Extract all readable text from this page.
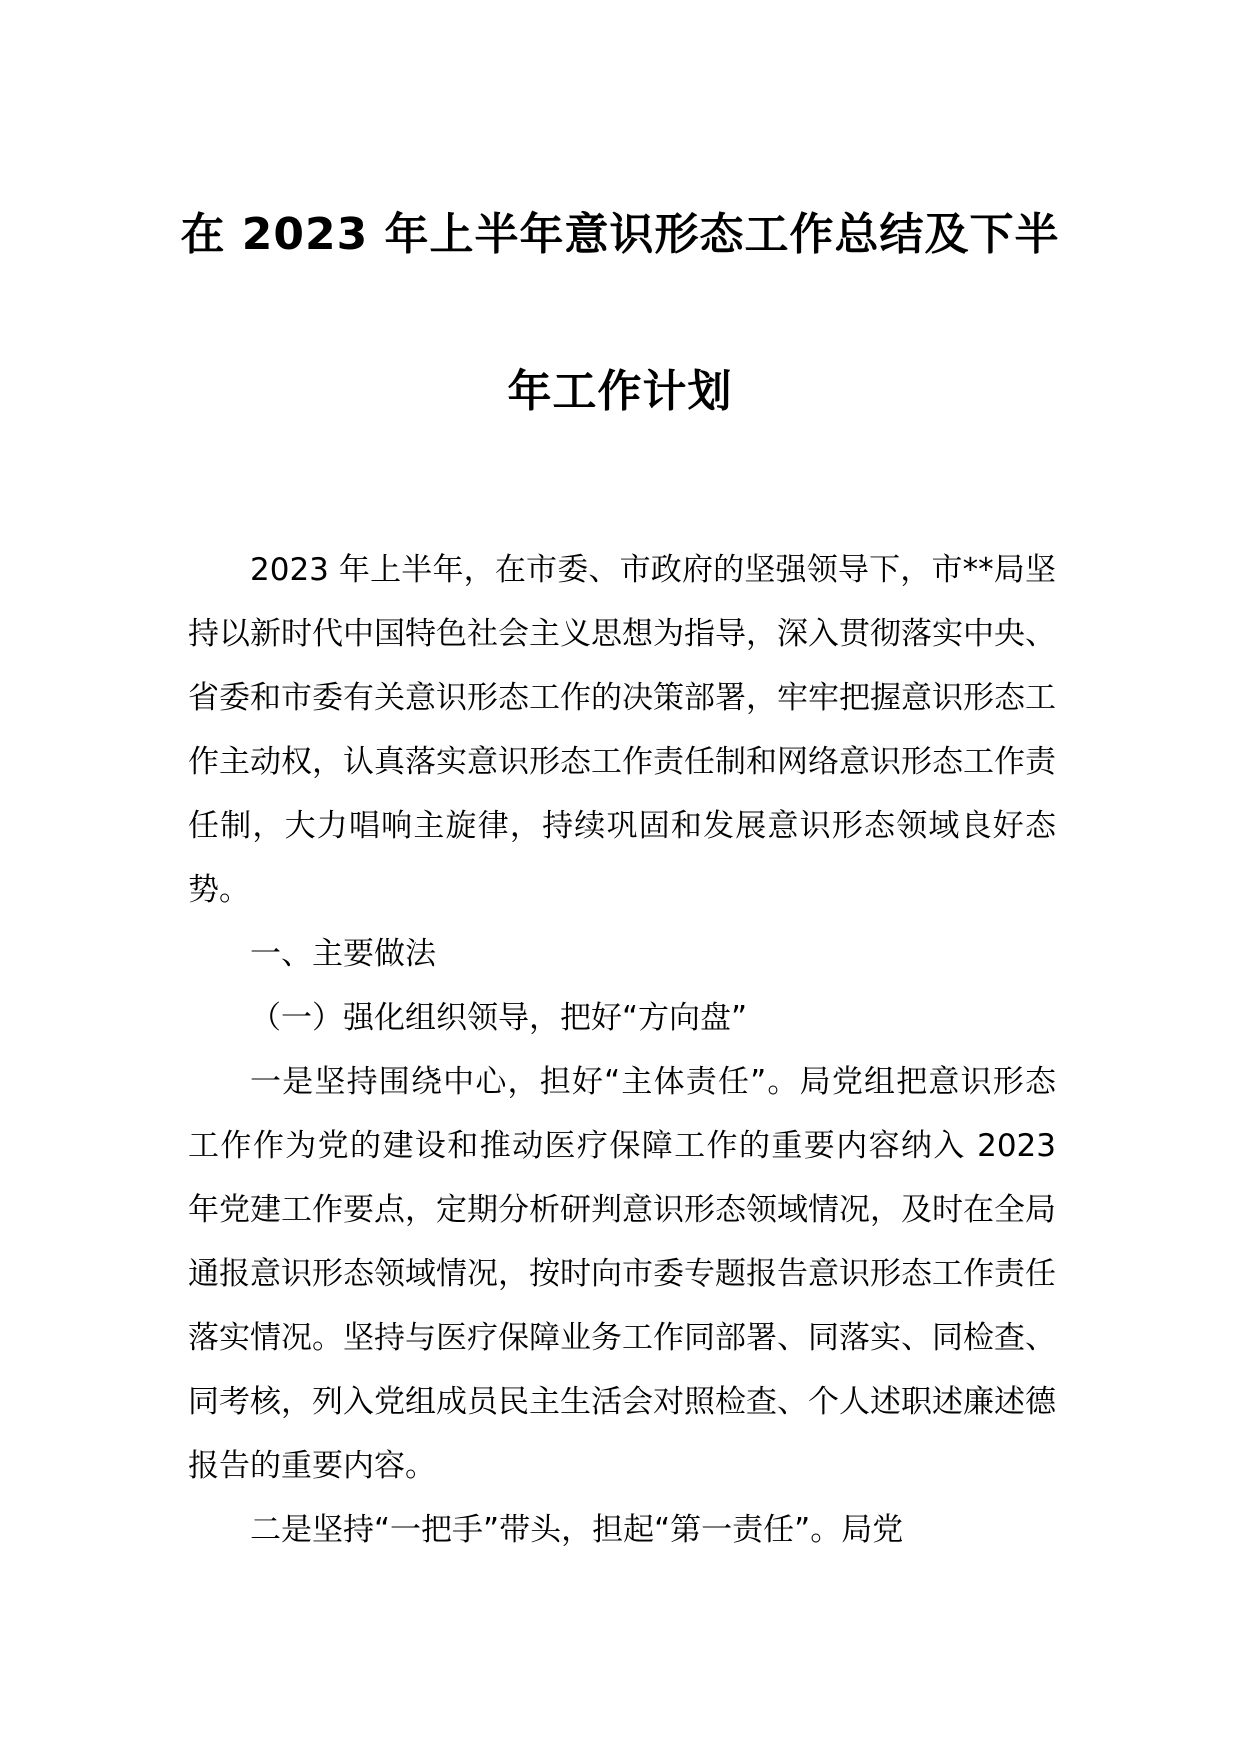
在 2023 年上半年意识形态工作总结及下半
年工作计划

2023 年上半年，在市委、市政府的坚强领导下，市**局坚持以新时代中国特色社会主义思想为指导，深入贯彻落实中央、省委和市委有关意识形态工作的决策部署，牢牢把握意识形态工作主动权，认真落实意识形态工作责任制和网络意识形态工作责任制，大力唱响主旋律，持续巩固和发展意识形态领域良好态势。

一、主要做法

（一）强化组织领导，把好“方向盘”

一是坚持围绕中心，担好“主体责任”。局党组把意识形态工作作为党的建设和推动医疗保障工作的重要内容纳入 2023 年党建工作要点，定期分析研判意识形态领域情况，及时在全局通报意识形态领域情况，按时向市委专题报告意识形态工作责任落实情况。坚持与医疗保障业务工作同部署、同落实、同检查、同考核，列入党组成员民主生活会对照检查、个人述职述廉述德报告的重要内容。

二是坚持“一把手”带头，担起“第一责任”。局党
